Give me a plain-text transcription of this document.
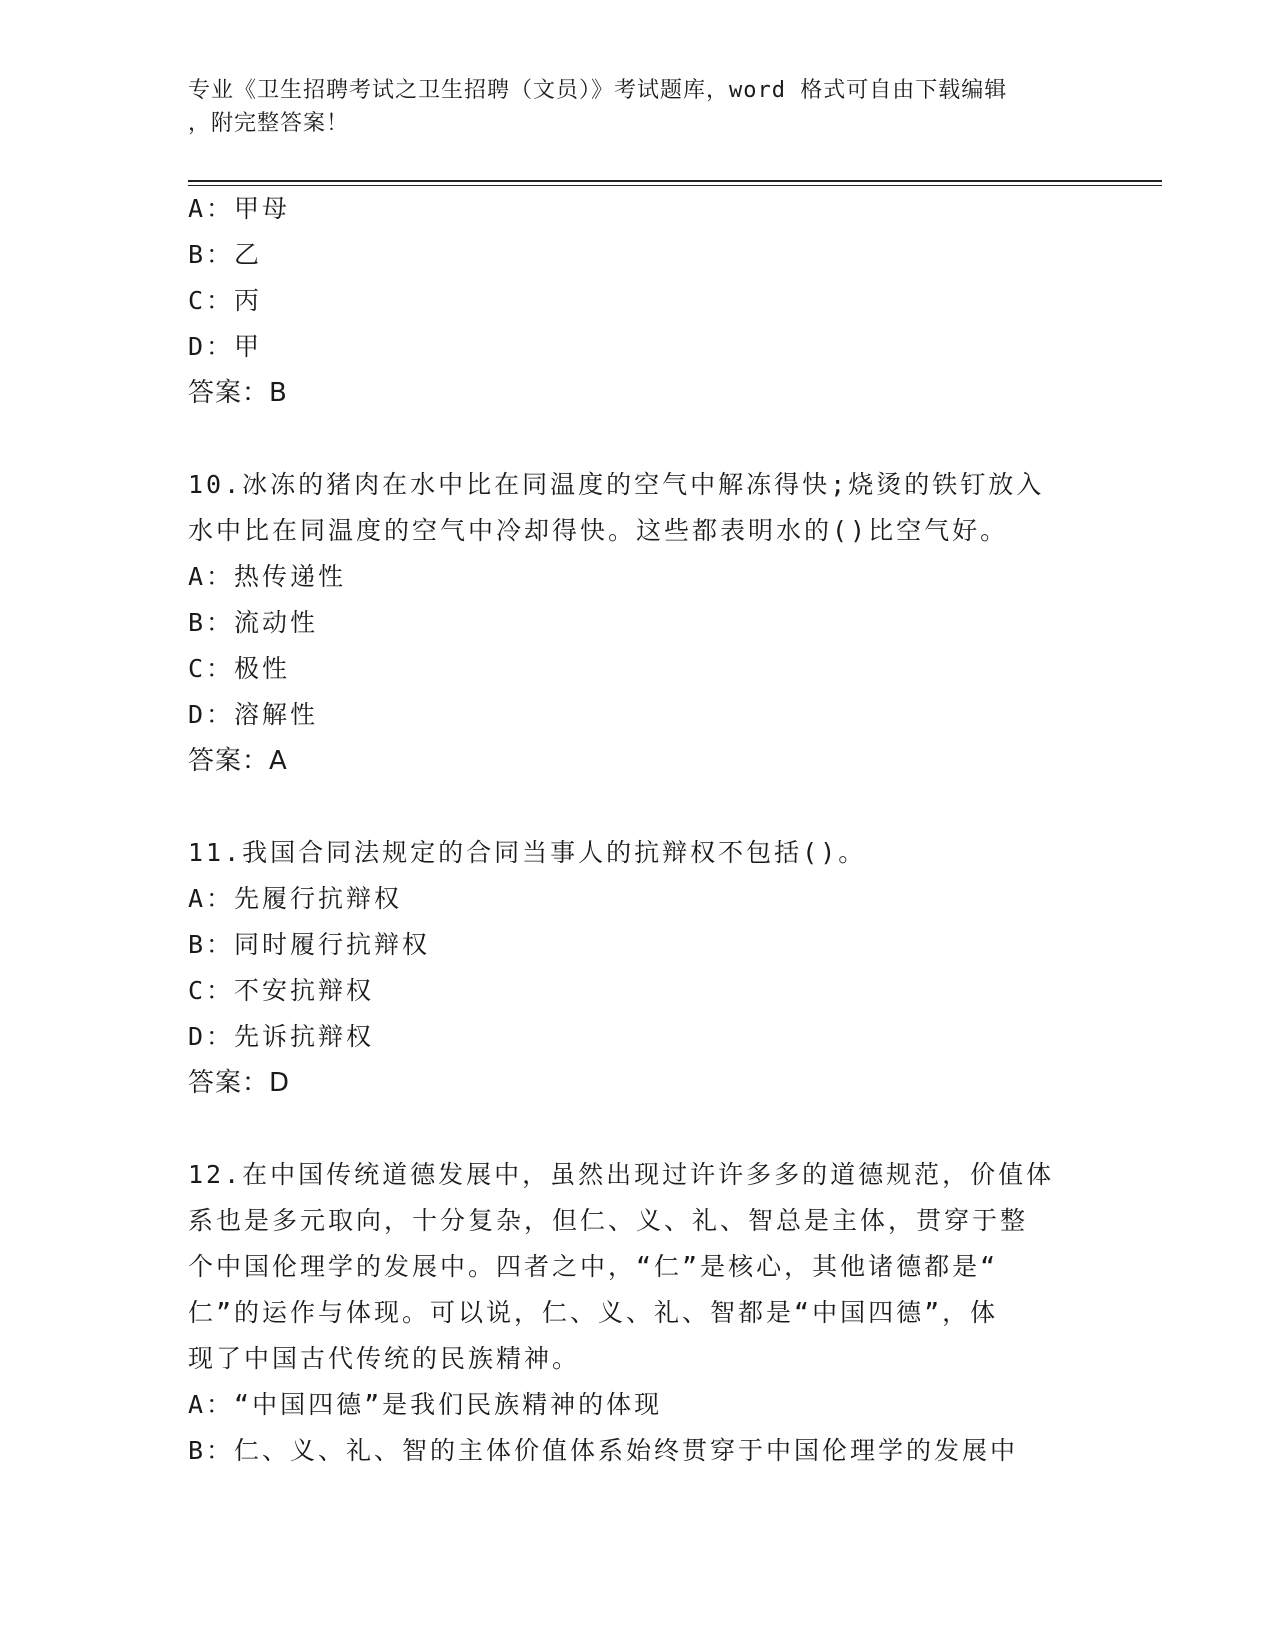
专业《卫生招聘考试之卫生招聘（文员）》考试题库，word 格式可自由下载编辑
，附完整答案！
A：甲母
B：乙
C：丙
D：甲
答案：B
10.冰冻的猪肉在水中比在同温度的空气中解冻得快;烧烫的铁钉放入
水中比在同温度的空气中冷却得快。这些都表明水的()比空气好。
A：热传递性
B：流动性
C：极性
D：溶解性
答案：A
11.我国合同法规定的合同当事人的抗辩权不包括()。
A：先履行抗辩权
B：同时履行抗辩权
C：不安抗辩权
D：先诉抗辩权
答案：D
12.在中国传统道德发展中，虽然出现过许许多多的道德规范，价值体
系也是多元取向，十分复杂，但仁、义、礼、智总是主体，贯穿于整
个中国伦理学的发展中。四者之中，“仁”是核心，其他诸德都是“
仁”的运作与体现。可以说，仁、义、礼、智都是“中国四德”，体
现了中国古代传统的民族精神。
A：“中国四德”是我们民族精神的体现
B：仁、义、礼、智的主体价值体系始终贯穿于中国伦理学的发展中
